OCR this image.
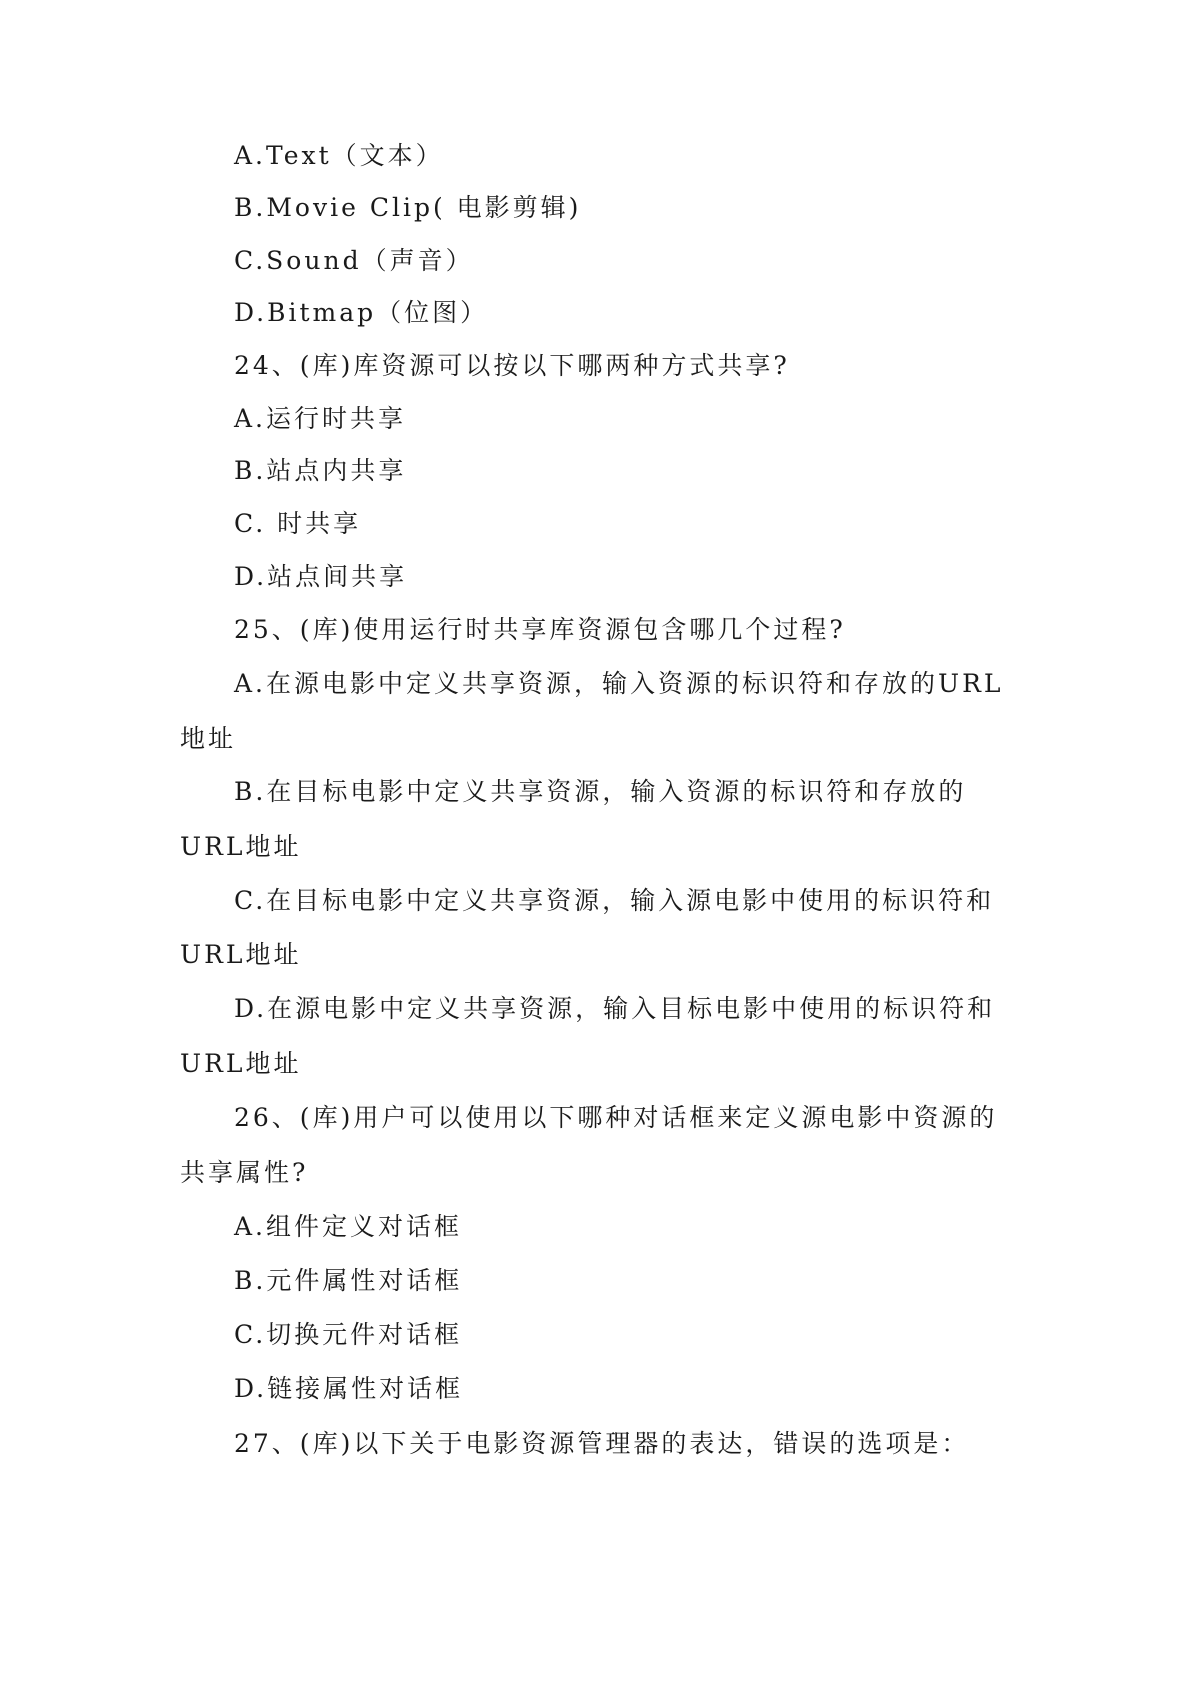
A.Text（文本）
B.Movie Clip( 电影剪辑)
C.Sound（声音）
D.Bitmap（位图）
24、(库)库资源可以按以下哪两种方式共享?
A.运行时共享
B.站点内共享
C. 时共享
D.站点间共享
25、(库)使用运行时共享库资源包含哪几个过程?
A.在源电影中定义共享资源，输入资源的标识符和存放的URL
地址
B.在目标电影中定义共享资源，输入资源的标识符和存放的
URL地址
C.在目标电影中定义共享资源，输入源电影中使用的标识符和
URL地址
D.在源电影中定义共享资源，输入目标电影中使用的标识符和
URL地址
26、(库)用户可以使用以下哪种对话框来定义源电影中资源的
共享属性?
A.组件定义对话框
B.元件属性对话框
C.切换元件对话框
D.链接属性对话框
27、(库)以下关于电影资源管理器的表达，错误的选项是：
